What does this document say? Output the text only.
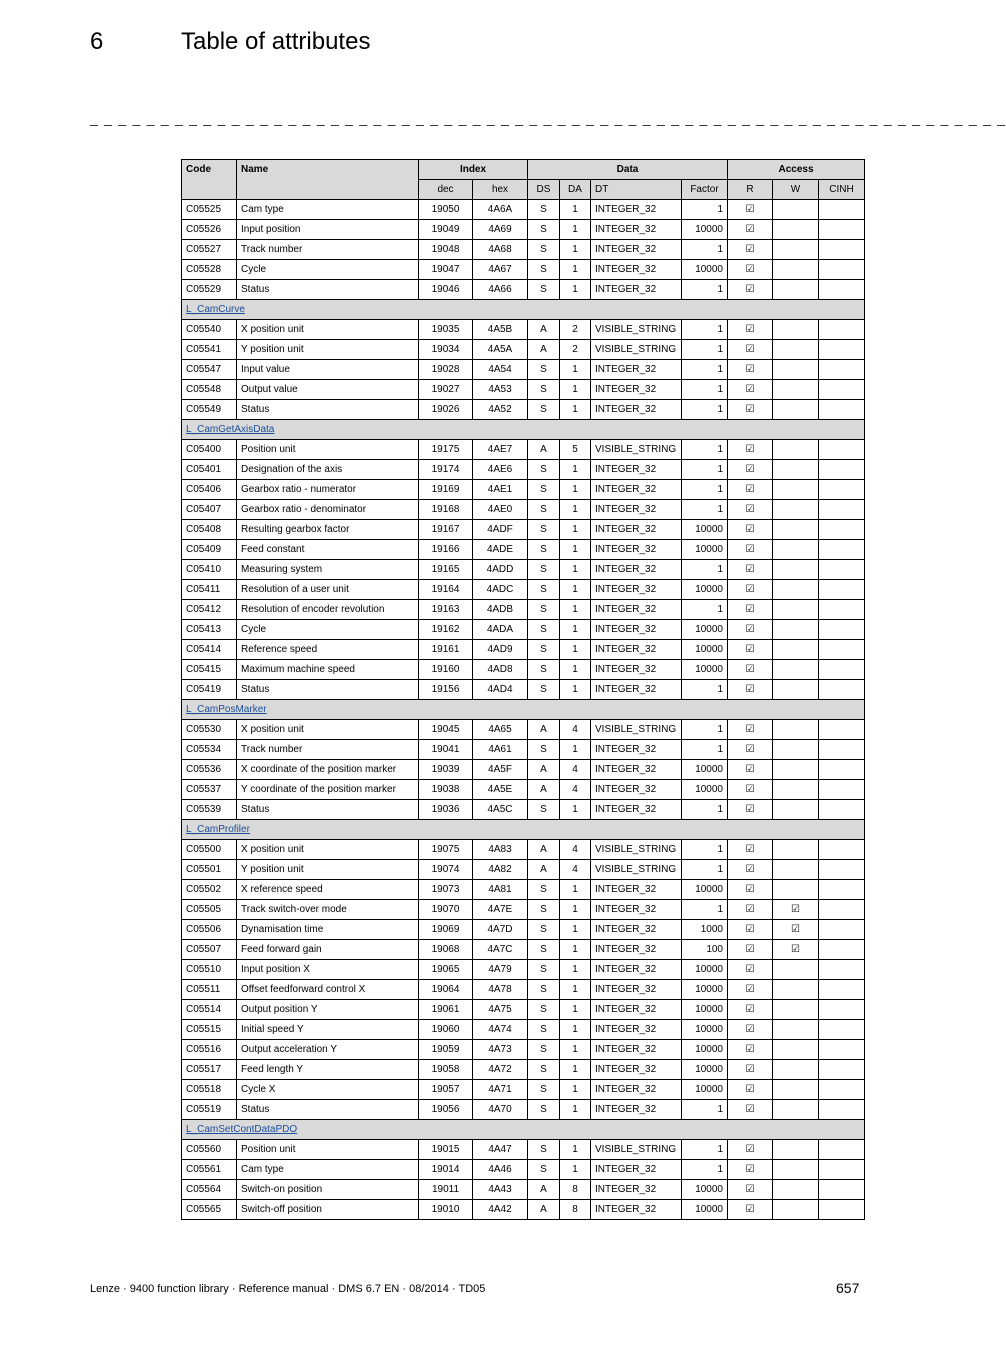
6	Table of attributes
_ _ _ _ _ _ _ _ _ _ _ _ _ _ _ _ _ _ _ _ _ _ _ _ _ _ _ _ _ _ _ _ _ _ _ _ _ _ _ _ _ _ _ _ _ _ _ _ _ _ _ _ _ _ _ _ _ _ _ _ _ _ _ _ _
Code	Name	Index		Data				Access		
		dec	hex	DS	DA	DT	Factor	R	W	CINH
C05525	Cam type	19050	4A6A	S	1	INTEGER_32	1	☑		
C05526	Input position	19049	4A69	S	1	INTEGER_32	10000	☑		
C05527	Track number	19048	4A68	S	1	INTEGER_32	1	☑		
C05528	Cycle	19047	4A67	S	1	INTEGER_32	10000	☑		
C05529	Status	19046	4A66	S	1	INTEGER_32	1	☑		
L_CamCurve										
C05540	X position unit	19035	4A5B	A	2	VISIBLE_STRING	1	☑		
C05541	Y position unit	19034	4A5A	A	2	VISIBLE_STRING	1	☑		
C05547	Input value	19028	4A54	S	1	INTEGER_32	1	☑		
C05548	Output value	19027	4A53	S	1	INTEGER_32	1	☑		
C05549	Status	19026	4A52	S	1	INTEGER_32	1	☑		
L_CamGetAxisData										
C05400	Position unit	19175	4AE7	A	5	VISIBLE_STRING	1	☑		
C05401	Designation of the axis	19174	4AE6	S	1	INTEGER_32	1	☑		
C05406	Gearbox ratio - numerator	19169	4AE1	S	1	INTEGER_32	1	☑		
C05407	Gearbox ratio - denominator	19168	4AE0	S	1	INTEGER_32	1	☑		
C05408	Resulting gearbox factor	19167	4ADF	S	1	INTEGER_32	10000	☑		
C05409	Feed constant	19166	4ADE	S	1	INTEGER_32	10000	☑		
C05410	Measuring system	19165	4ADD	S	1	INTEGER_32	1	☑		
C05411	Resolution of a user unit	19164	4ADC	S	1	INTEGER_32	10000	☑		
C05412	Resolution of encoder revolution	19163	4ADB	S	1	INTEGER_32	1	☑		
C05413	Cycle	19162	4ADA	S	1	INTEGER_32	10000	☑		
C05414	Reference speed	19161	4AD9	S	1	INTEGER_32	10000	☑		
C05415	Maximum machine speed	19160	4AD8	S	1	INTEGER_32	10000	☑		
C05419	Status	19156	4AD4	S	1	INTEGER_32	1	☑		
L_CamPosMarker										
C05530	X position unit	19045	4A65	A	4	VISIBLE_STRING	1	☑		
C05534	Track number	19041	4A61	S	1	INTEGER_32	1	☑		
C05536	X coordinate of the position marker	19039	4A5F	A	4	INTEGER_32	10000	☑		
C05537	Y coordinate of the position marker	19038	4A5E	A	4	INTEGER_32	10000	☑		
C05539	Status	19036	4A5C	S	1	INTEGER_32	1	☑		
L_CamProfiler										
C05500	X position unit	19075	4A83	A	4	VISIBLE_STRING	1	☑		
C05501	Y position unit	19074	4A82	A	4	VISIBLE_STRING	1	☑		
C05502	X reference speed	19073	4A81	S	1	INTEGER_32	10000	☑		
C05505	Track switch-over mode	19070	4A7E	S	1	INTEGER_32	1	☑	☑	
C05506	Dynamisation time	19069	4A7D	S	1	INTEGER_32	1000	☑	☑	
C05507	Feed forward gain	19068	4A7C	S	1	INTEGER_32	100	☑	☑	
C05510	Input position X	19065	4A79	S	1	INTEGER_32	10000	☑		
C05511	Offset feedforward control X	19064	4A78	S	1	INTEGER_32	10000	☑		
C05514	Output position Y	19061	4A75	S	1	INTEGER_32	10000	☑		
C05515	Initial speed Y	19060	4A74	S	1	INTEGER_32	10000	☑		
C05516	Output acceleration Y	19059	4A73	S	1	INTEGER_32	10000	☑		
C05517	Feed length Y	19058	4A72	S	1	INTEGER_32	10000	☑		
C05518	Cycle X	19057	4A71	S	1	INTEGER_32	10000	☑		
C05519	Status	19056	4A70	S	1	INTEGER_32	1	☑		
L_CamSetContDataPDO										
C05560	Position unit	19015	4A47	S	1	VISIBLE_STRING	1	☑		
C05561	Cam type	19014	4A46	S	1	INTEGER_32	1	☑		
C05564	Switch-on position	19011	4A43	A	8	INTEGER_32	10000	☑		
C05565	Switch-off position	19010	4A42	A	8	INTEGER_32	10000	☑		
Lenze · 9400 function library · Reference manual · DMS 6.7 EN · 08/2014 · TD05	657
